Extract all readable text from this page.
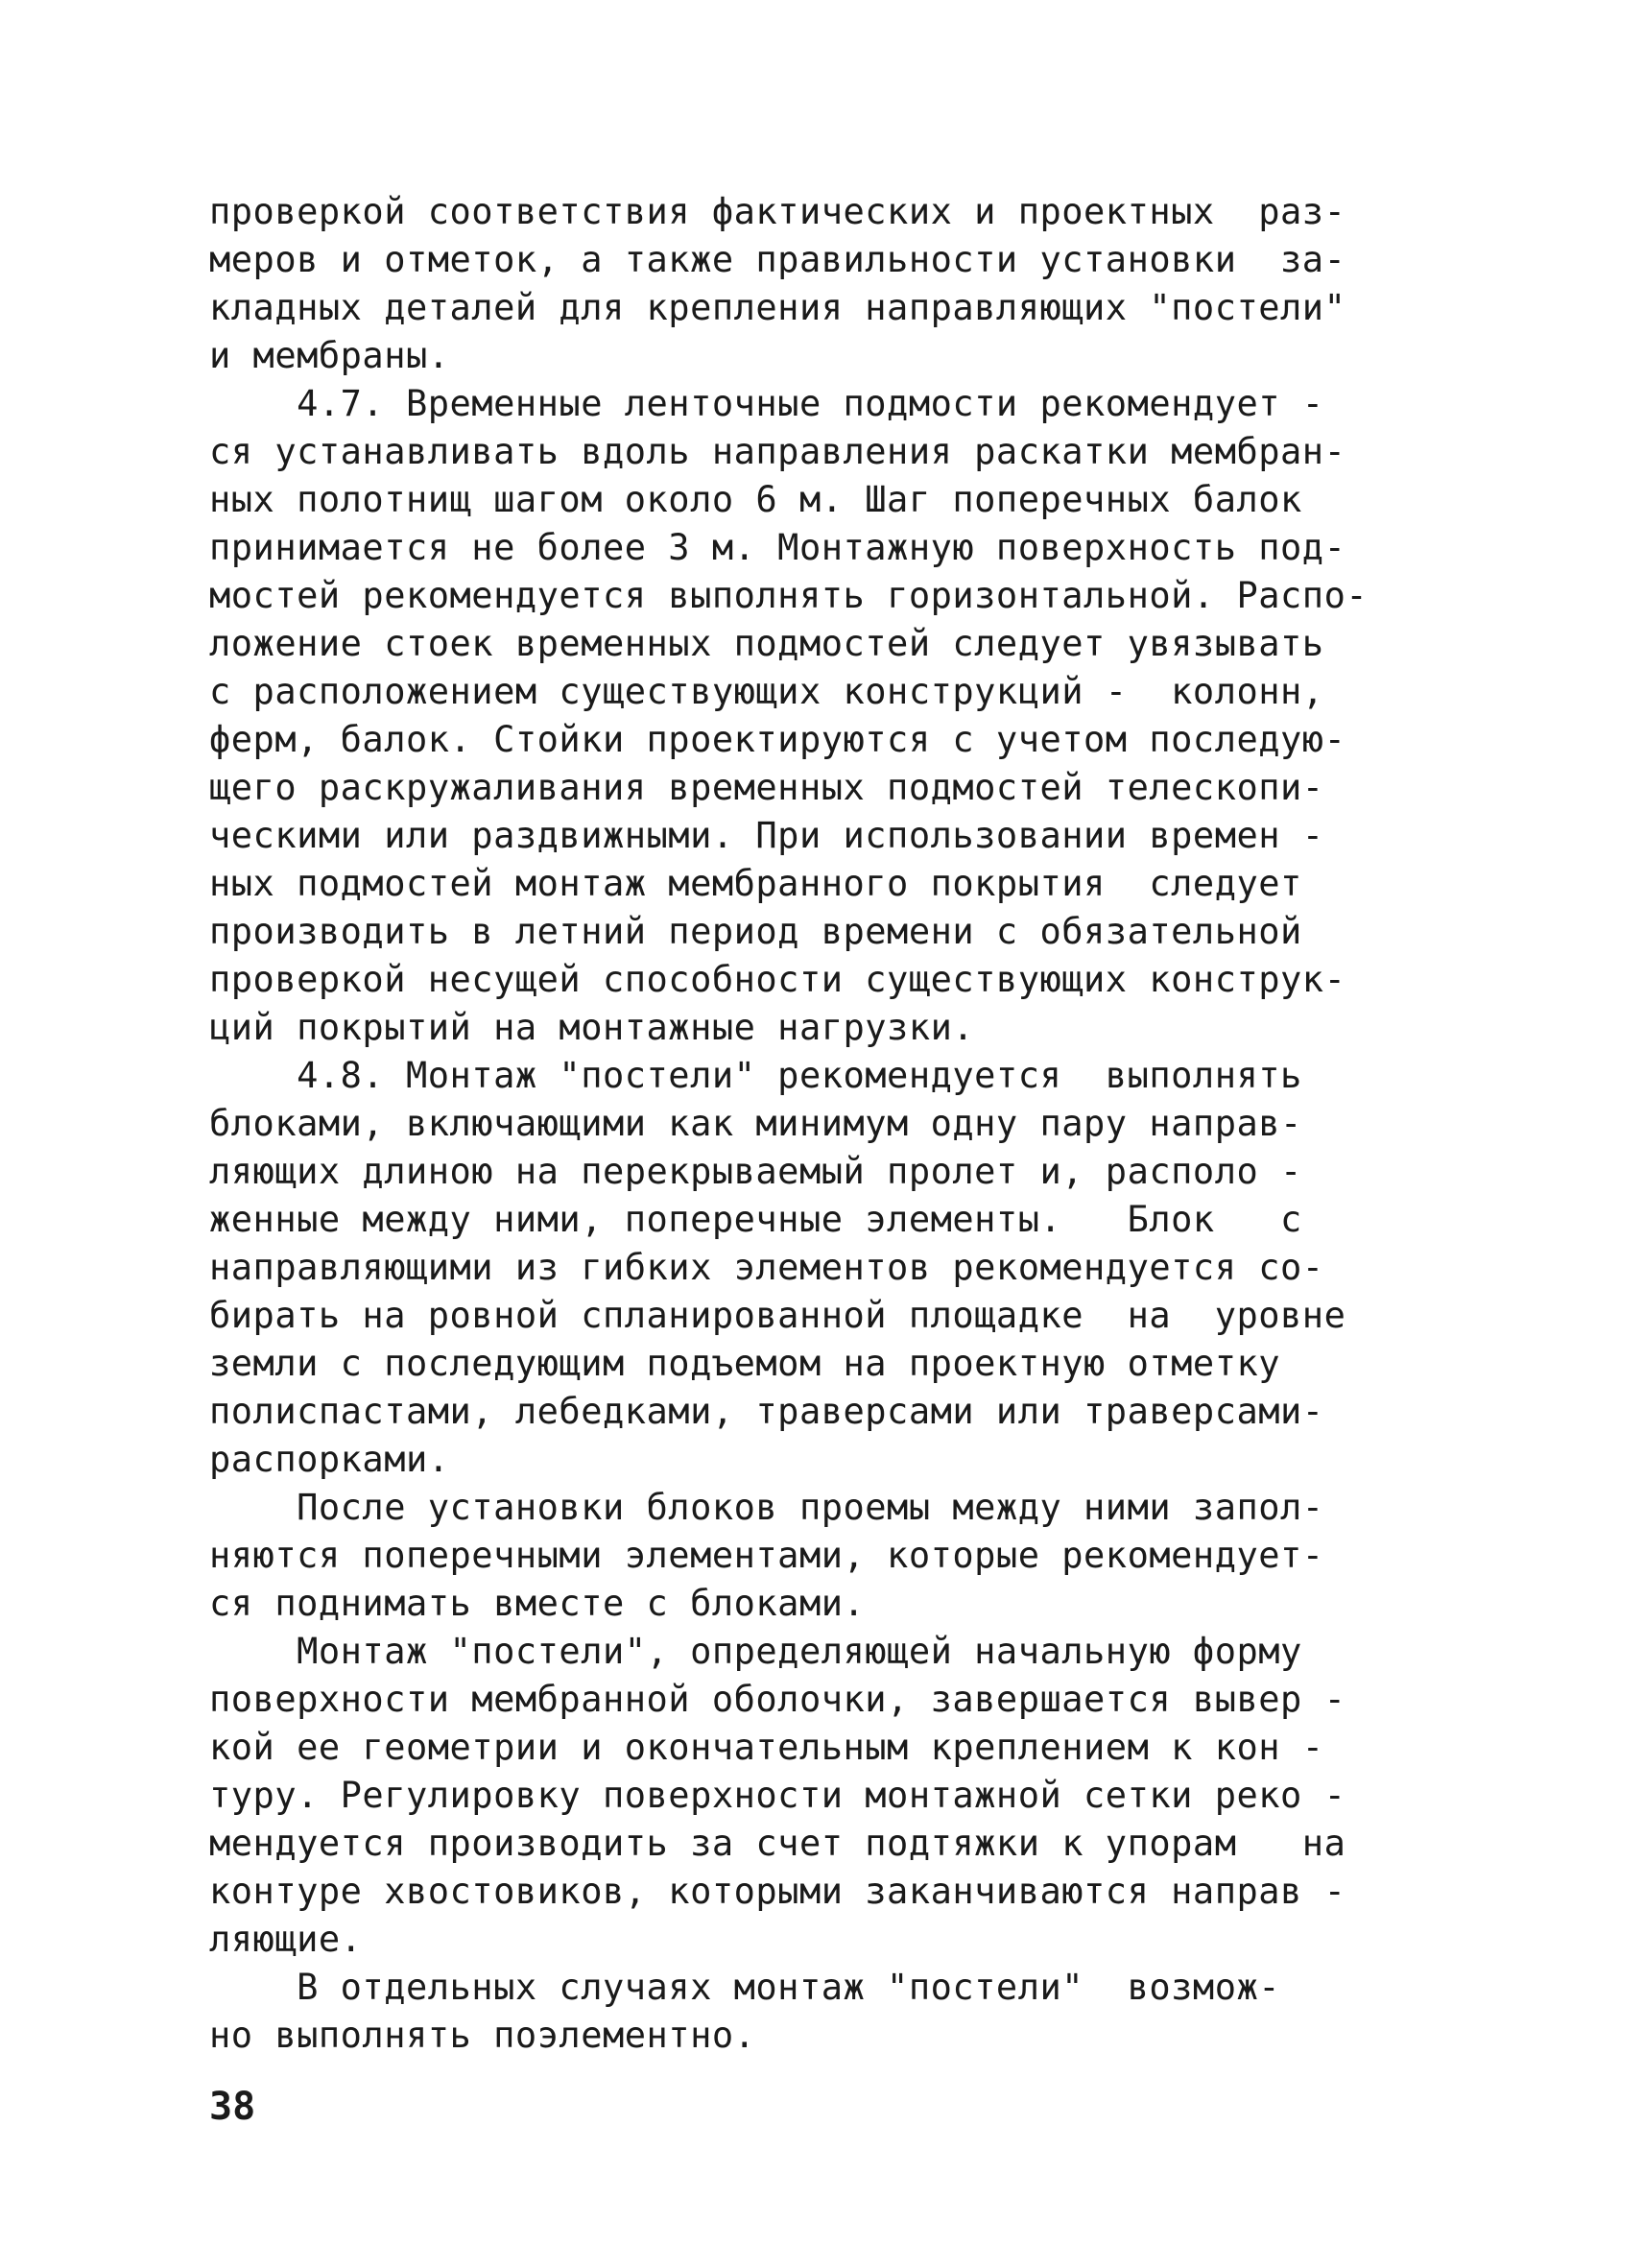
проверкой соответствия фактических и проектных  раз-
меров и отметок, а также правильности установки  за-
кладных деталей для крепления направляющих "постели"
и мембраны.
4.7. Временные ленточные подмости рекомендует -
ся устанавливать вдоль направления раскатки мембран-
ных полотнищ шагом около 6 м. Шаг поперечных балок
принимается не более 3 м. Монтажную поверхность под-
мостей рекомендуется выполнять горизонтальной. Распо-
ложение стоек временных подмостей следует увязывать
с расположением существующих конструкций -  колонн,
ферм, балок. Стойки проектируются с учетом последую-
щего раскружаливания временных подмостей телескопи-
ческими или раздвижными. При использовании времен -
ных подмостей монтаж мембранного покрытия  следует
производить в летний период времени с обязательной
проверкой несущей способности существующих конструк-
ций покрытий на монтажные нагрузки.
4.8. Монтаж "постели" рекомендуется  выполнять
блоками, включающими как минимум одну пару направ-
ляющих длиною на перекрываемый пролет и, располо -
женные между ними, поперечные элементы.   Блок   с
направляющими из гибких элементов рекомендуется со-
бирать на ровной спланированной площадке  на  уровне
земли с последующим подъемом на проектную отметку
полиспастами, лебедками, траверсами или траверсами-
распорками.
После установки блоков проемы между ними запол-
няются поперечными элементами, которые рекомендует-
ся поднимать вместе с блоками.
Монтаж "постели", определяющей начальную форму
поверхности мембранной оболочки, завершается вывер -
кой ее геометрии и окончательным креплением к кон -
туру. Регулировку поверхности монтажной сетки реко -
мендуется производить за счет подтяжки к упорам   на
контуре хвостовиков, которыми заканчиваются направ -
ляющие.
В отдельных случаях монтаж "постели"  возмож-
но выполнять поэлементно.
38
